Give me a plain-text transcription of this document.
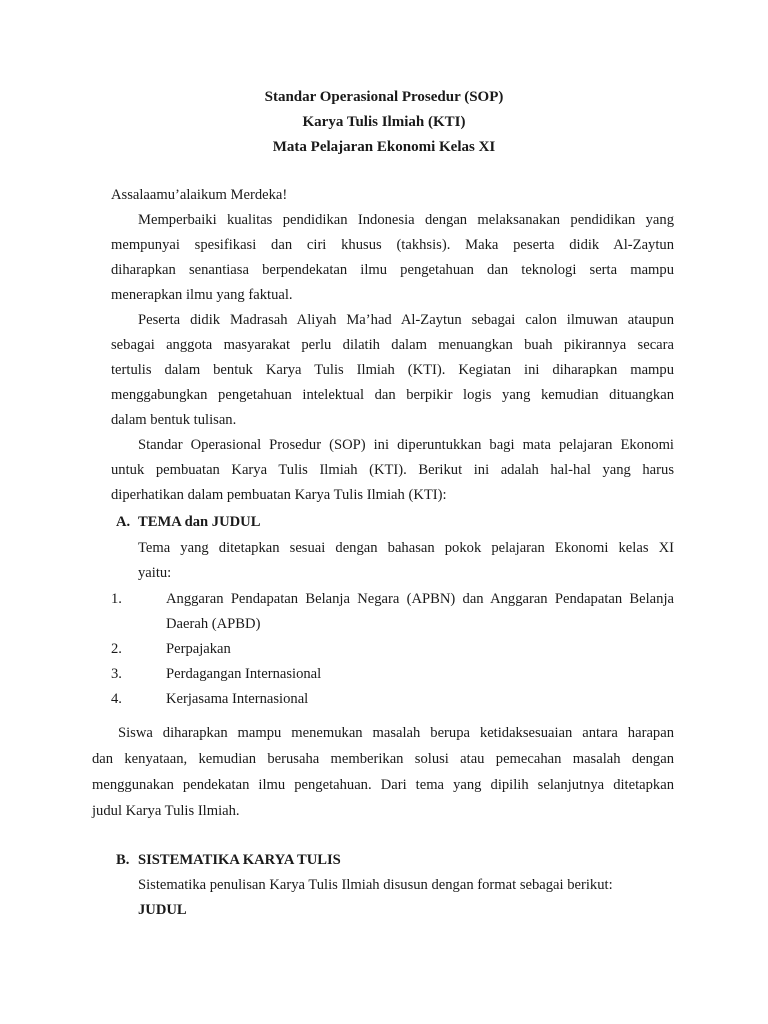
Standar Operasional Prosedur (SOP)
Karya Tulis Ilmiah (KTI)
Mata Pelajaran Ekonomi Kelas XI
Assalaamu’alaikum Merdeka!
Memperbaiki kualitas pendidikan Indonesia dengan melaksanakan pendidikan yang
mempunyai spesifikasi dan ciri khusus (takhsis). Maka peserta didik Al-Zaytun
diharapkan senantiasa berpendekatan ilmu pengetahuan dan teknologi serta mampu
menerapkan ilmu yang faktual.
Peserta didik Madrasah Aliyah Ma’had Al-Zaytun sebagai calon ilmuwan ataupun
sebagai anggota masyarakat perlu dilatih dalam menuangkan buah pikirannya secara
tertulis dalam bentuk Karya Tulis Ilmiah (KTI). Kegiatan ini diharapkan mampu
menggabungkan pengetahuan intelektual dan berpikir logis yang kemudian dituangkan
dalam bentuk tulisan.
Standar Operasional Prosedur (SOP) ini diperuntukkan bagi mata pelajaran Ekonomi
untuk pembuatan Karya Tulis Ilmiah (KTI). Berikut ini adalah hal-hal yang harus
diperhatikan dalam pembuatan Karya Tulis Ilmiah (KTI):
A. TEMA dan JUDUL
Tema yang ditetapkan sesuai dengan bahasan pokok pelajaran Ekonomi kelas XI
yaitu:
1.	Anggaran Pendapatan Belanja Negara (APBN) dan Anggaran Pendapatan Belanja
Daerah (APBD)
2.	Perpajakan
3.	Perdagangan Internasional
4.	Kerjasama Internasional
Siswa diharapkan mampu menemukan masalah berupa ketidaksesuaian antara harapan
dan kenyataan, kemudian berusaha memberikan solusi atau pemecahan masalah dengan
menggunakan pendekatan ilmu pengetahuan. Dari tema yang dipilih selanjutnya ditetapkan
judul Karya Tulis Ilmiah.
B. SISTEMATIKA KARYA TULIS
Sistematika penulisan Karya Tulis Ilmiah disusun dengan format sebagai berikut:
JUDUL
